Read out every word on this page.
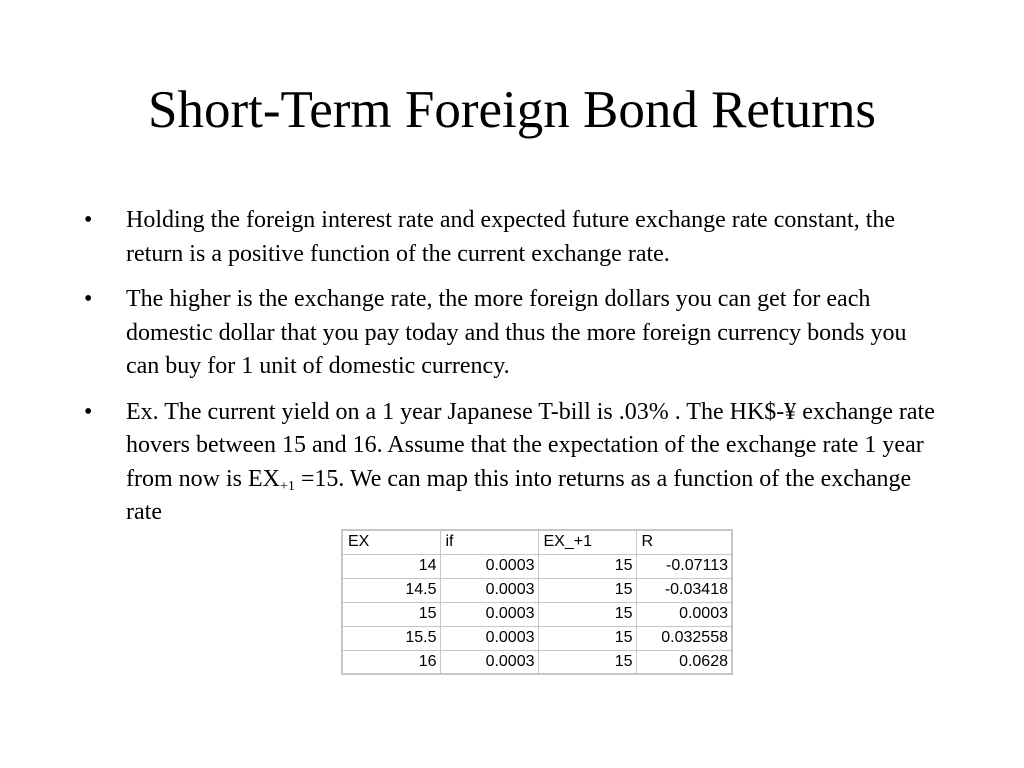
Short-Term Foreign Bond Returns
• Holding the foreign interest rate and expected future exchange rate constant, the return is a positive function of the current exchange rate.
• The higher is the exchange rate, the more foreign dollars you can get for each domestic dollar that you pay today and thus the more foreign currency bonds you can buy for 1 unit of domestic currency.
• Ex. The current yield on a 1 year Japanese T-bill is .03% . The HK$-¥ exchange rate hovers between 15 and 16. Assume that the expectation of the exchange rate 1 year from now is $EX_{+1} =15$. We can map this into returns as a function of the exchange rate
EX	if	EX_+1	R
14	0.0003	15	-0.07113
14.5	0.0003	15	-0.03418
15	0.0003	15	0.0003
15.5	0.0003	15	0.032558
16	0.0003	15	0.0628
